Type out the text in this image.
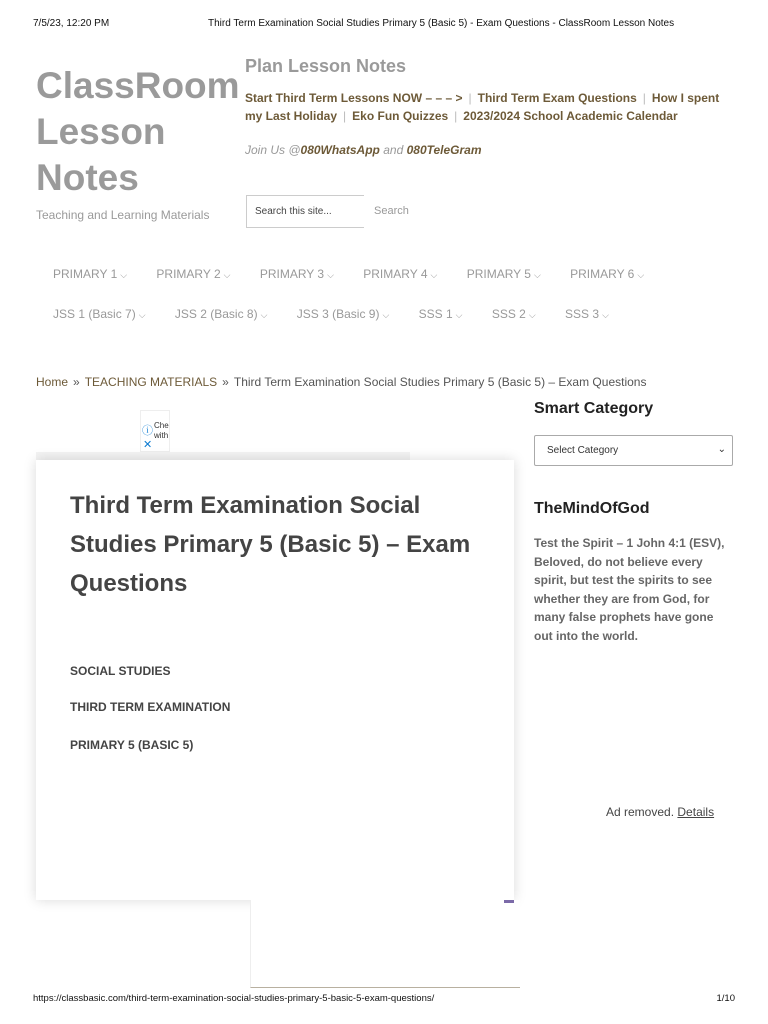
7/5/23, 12:20 PM	Third Term Examination Social Studies Primary 5 (Basic 5) - Exam Questions - ClassRoom Lesson Notes
ClassRoom
Lesson
Notes
Teaching and Learning Materials
Plan Lesson Notes
Start Third Term Lessons NOW – – – > | Third Term Exam Questions | How I spent my Last Holiday | Eko Fun Quizzes | 2023/2024 School Academic Calendar
Join Us @080WhatsApp and 080TeleGram
Search this site...	Search
PRIMARY 1 ⌵ PRIMARY 2 ⌵ PRIMARY 3 ⌵ PRIMARY 4 ⌵ PRIMARY 5 ⌵ PRIMARY 6 ⌵
JSS 1 (Basic 7) ⌵ JSS 2 (Basic 8) ⌵ JSS 3 (Basic 9) ⌵ SSS 1 ⌵ SSS 2 ⌵ SSS 3 ⌵
Home » TEACHING MATERIALS » Third Term Examination Social Studies Primary 5 (Basic 5) – Exam Questions
ⓘ Che
with
✕
Third Term Examination Social Studies Primary 5 (Basic 5) – Exam Questions
SOCIAL STUDIES
THIRD TERM EXAMINATION
PRIMARY 5 (BASIC 5)
Smart Category
Select Category	⌄
TheMindOfGod
Test the Spirit – 1 John 4:1 (ESV), Beloved, do not believe every spirit, but test the spirits to see whether they are from God, for many false prophets have gone out into the world.
Ad removed. Details
https://classbasic.com/third-term-examination-social-studies-primary-5-basic-5-exam-questions/	1/10
